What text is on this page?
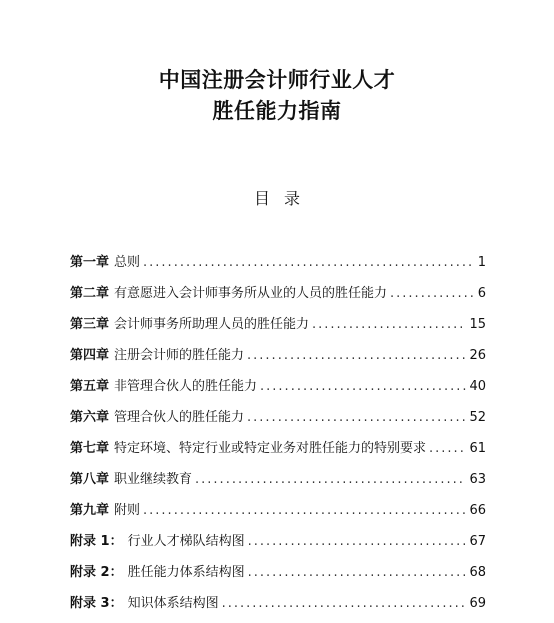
中国注册会计师行业人才
胜任能力指南
目录
第一章 总则 .....	1
第二章 有意愿进入会计师事务所从业的人员的胜任能力 .....	6
第三章 会计师事务所助理人员的胜任能力 .....	15
第四章 注册会计师的胜任能力 .....	26
第五章 非管理合伙人的胜任能力 .....	40
第六章 管理合伙人的胜任能力 .....	52
第七章 特定环境、特定行业或特定业务对胜任能力的特别要求 .....	61
第八章 职业继续教育 .....	63
第九章 附则 .....	66
附录 1： 行业人才梯队结构图 .....	67
附录 2： 胜任能力体系结构图 .....	68
附录 3： 知识体系结构图 .....	69
